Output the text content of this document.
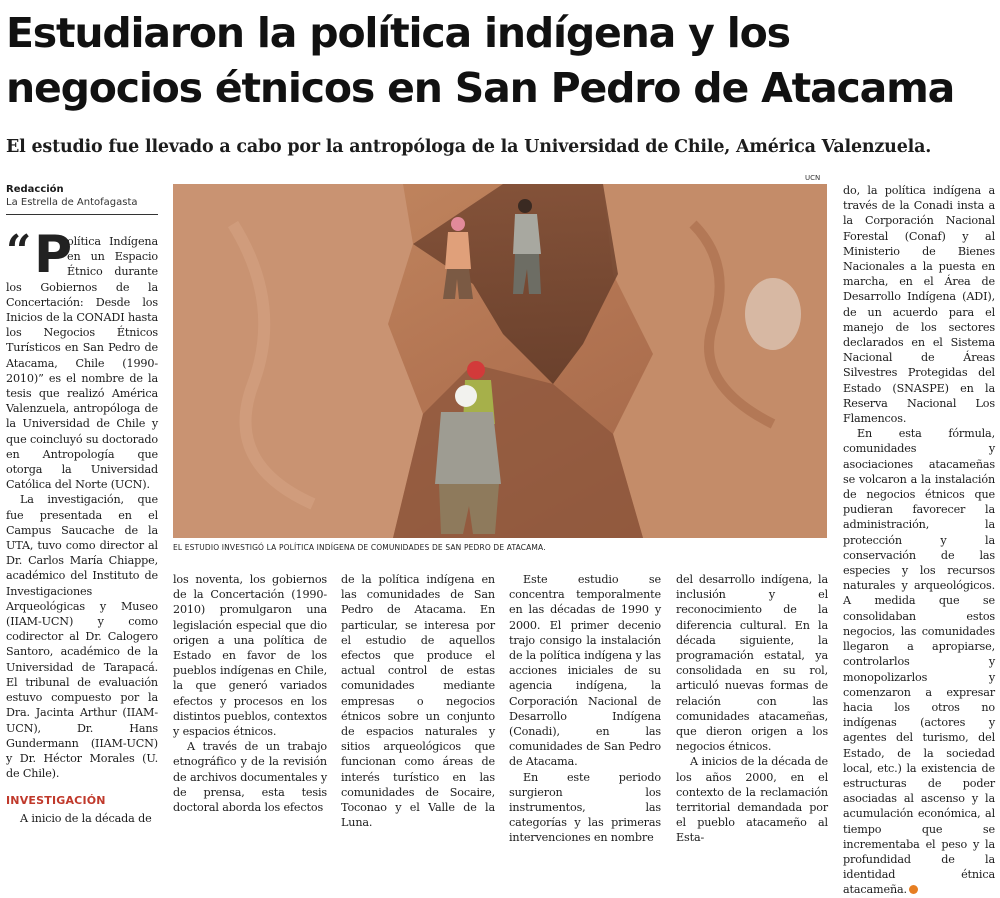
Estudiaron la política indígena y los
negocios étnicos en San Pedro de Atacama
El estudio fue llevado a cabo por la antropóloga de la Universidad de Chile, América Valenzuela.
Redacción
La Estrella de Antofagasta
UCN
EL ESTUDIO INVESTIGÓ LA POLÍTICA INDÍGENA DE COMUNIDADES DE SAN PEDRO DE ATACAMA.
“ P

olítica Indígena en un Espacio Étnico durante los Gobiernos de la Concertación: Desde los Inicios de la CONADI hasta los Negocios Étnicos Turísticos en San Pedro de Atacama, Chile (1990-2010)” es el nombre de la tesis que realizó América Valenzuela, antropóloga de la Universidad de Chile y que coincluyó su doctorado en Antropología que otorga la Universidad Católica del Norte (UCN).

La investigación, que fue presentada en el Campus Saucache de la UTA, tuvo como director al Dr. Carlos María Chiappe, académico del Instituto de Investigaciones Arqueológicas y Museo (IIAM-UCN) y como codirector al Dr. Calogero Santoro, académico de la Universidad de Tarapacá. El tribunal de evaluación estuvo compuesto por la Dra. Jacinta Arthur (IIAM-UCN), Dr. Hans Gundermann (IIAM-UCN) y Dr. Héctor Morales (U. de Chile).

INVESTIGACIÓN

A inicio de la década de

los noventa, los gobiernos de la Concertación (1990-2010) promulgaron una legislación especial que dio origen a una política de Estado en favor de los pueblos indígenas en Chile, la que generó variados efectos y procesos en los distintos pueblos, contextos y espacios étnicos.

A través de un trabajo etnográfico y de la revisión de archivos documentales y de prensa, esta tesis doctoral aborda los efectos

de la política indígena en las comunidades de San Pedro de Atacama. En particular, se interesa por el estudio de aquellos efectos que produce el actual control de estas comunidades mediante empresas o negocios étnicos sobre un conjunto de espacios naturales y sitios arqueológicos que funcionan como áreas de interés turístico en las comunidades de Socaire, Toconao y el Valle de la Luna.

Este estudio se concentra temporalmente en las décadas de 1990 y 2000. El primer decenio trajo consigo la instalación de la política indígena y las acciones iniciales de su agencia indígena, la Corporación Nacional de Desarrollo Indígena (Conadi), en las comunidades de San Pedro de Atacama.

En este periodo surgieron los instrumentos, las categorías y las primeras intervenciones en nombre

del desarrollo indígena, la inclusión y el reconocimiento de la diferencia cultural. En la década siguiente, la programación estatal, ya consolidada en su rol, articuló nuevas formas de relación con las comunidades atacameñas, que dieron origen a los negocios étnicos.

A inicios de la década de los años 2000, en el contexto de la reclamación territorial demandada por el pueblo atacameño al Esta-

do, la política indígena a través de la Conadi insta a la Corporación Nacional Forestal (Conaf) y al Ministerio de Bienes Nacionales a la puesta en marcha, en el Área de Desarrollo Indígena (ADI), de un acuerdo para el manejo de los sectores declarados en el Sistema Nacional de Áreas Silvestres Protegidas del Estado (SNASPE) en la Reserva Nacional Los Flamencos.

En esta fórmula, comunidades y asociaciones atacameñas se volcaron a la instalación de negocios étnicos que pudieran favorecer la administración, la protección y la conservación de las especies y los recursos naturales y arqueológicos. A medida que se consolidaban estos negocios, las comunidades llegaron a apropiarse, controlarlos y monopolizarlos y comenzaron a expresar hacia los otros no indígenas (actores y agentes del turismo, del Estado, de la sociedad local, etc.) la existencia de estructuras de poder asociadas al ascenso y la acumulación económica, al tiempo que se incrementaba el peso y la profundidad de la identidad étnica atacameña.
